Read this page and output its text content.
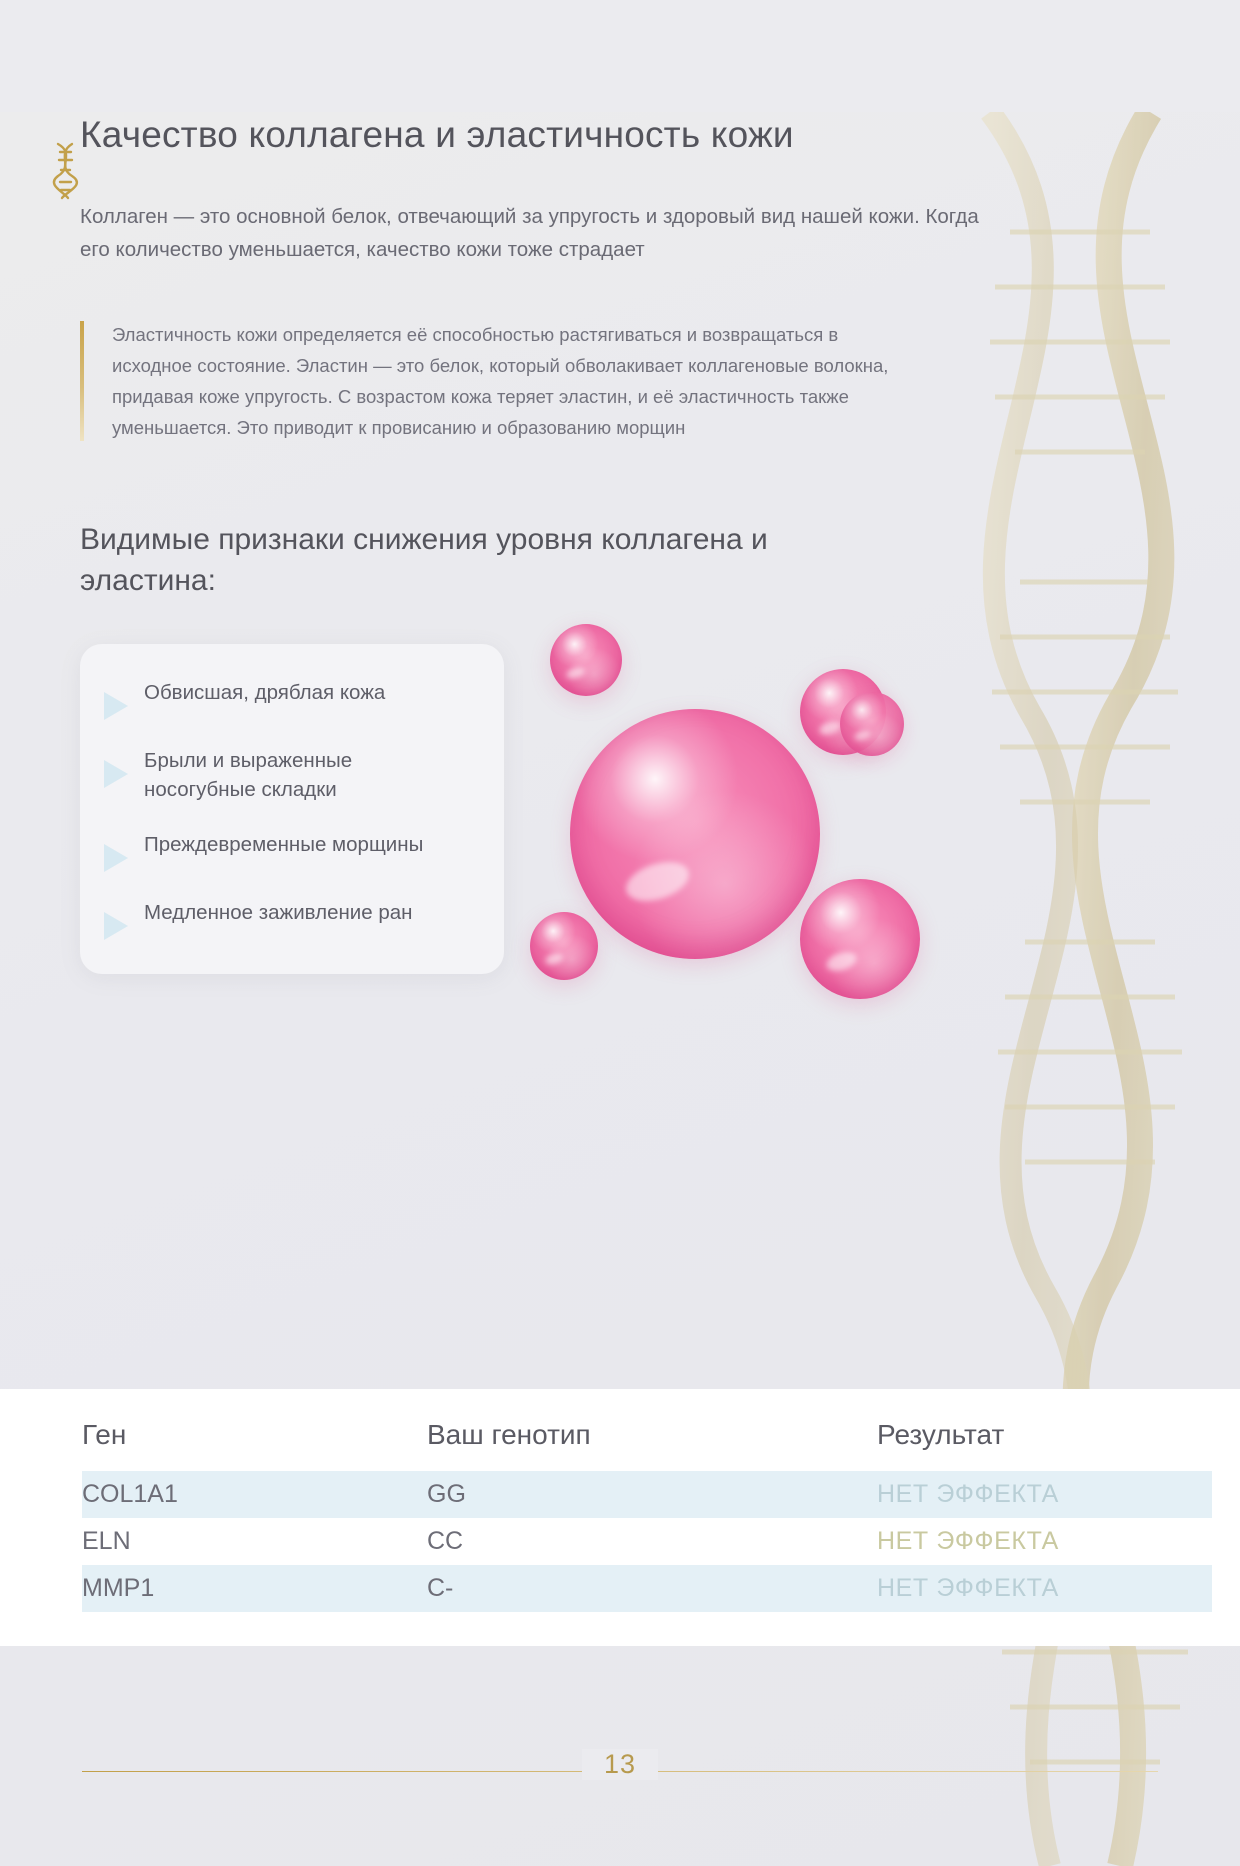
Качество коллагена и эластичность кожи

Коллаген — это основной белок, отвечающий за упругость и здоровый вид нашей кожи. Когда его количество уменьшается, качество кожи тоже страдает

Эластичность кожи определяется её способностью растягиваться и возвращаться в исходное состояние. Эластин — это белок, который обволакивает коллагеновые волокна, придавая коже упругость. С возрастом кожа теряет эластин, и её эластичность также уменьшается. Это приводит к провисанию и образованию морщин

Видимые признаки снижения уровня коллагена и эластина:
Обвисшая, дряблая кожа
Брыли и выраженные носогубные складки
Преждевременные морщины
Медленное заживление ран
Ген	Ваш генотип	Результат
COL1A1	GG	НЕТ ЭФФЕКТА
ELN	CC	НЕТ ЭФФЕКТА
MMP1	C-	НЕТ ЭФФЕКТА
13
